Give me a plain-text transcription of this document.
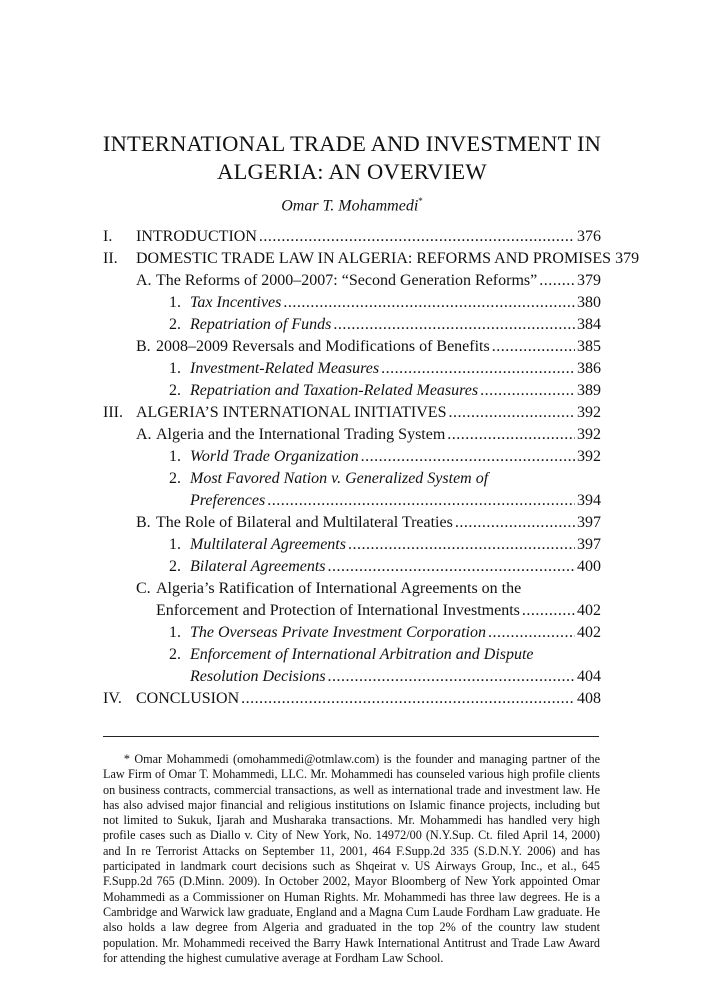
INTERNATIONAL TRADE AND INVESTMENT IN
ALGERIA: AN OVERVIEW
Omar T. Mohammedi*
I. INTRODUCTION .....	376
II. DOMESTIC TRADE LAW IN ALGERIA: REFORMS AND PROMISES 379
A. The Reforms of 2000–2007: “Second Generation Reforms” ..... 379
1. Tax Incentives .....	380
2. Repatriation of Funds .....	384
B. 2008–2009 Reversals and Modifications of Benefits .....	385
1. Investment-Related Measures .....	386
2. Repatriation and Taxation-Related Measures .....	389
III. ALGERIA’S INTERNATIONAL INITIATIVES .....	392
A. Algeria and the International Trading System .....	392
1. World Trade Organization .....	392
2. Most Favored Nation v. Generalized System of
Preferences .....	394
B. The Role of Bilateral and Multilateral Treaties .....	397
1. Multilateral Agreements .....	397
2. Bilateral Agreements .....	400
C. Algeria’s Ratification of International Agreements on the
Enforcement and Protection of International Investments .....	402
1. The Overseas Private Investment Corporation .....	402
2. Enforcement of International Arbitration and Dispute
Resolution Decisions .....	404
IV. CONCLUSION .....	408
* Omar Mohammedi (omohammedi@otmlaw.com) is the founder and managing partner of the Law Firm of Omar T. Mohammedi, LLC. Mr. Mohammedi has counseled various high profile clients on business contracts, commercial transactions, as well as international trade and investment law. He has also advised major financial and religious institutions on Islamic finance projects, including but not limited to Sukuk, Ijarah and Musharaka transactions. Mr. Mohammedi has handled very high profile cases such as Diallo v. City of New York, No. 14972/00 (N.Y.Sup. Ct. filed April 14, 2000) and In re Terrorist Attacks on September 11, 2001, 464 F.Supp.2d 335 (S.D.N.Y. 2006) and has participated in landmark court decisions such as Shqeirat v. US Airways Group, Inc., et al., 645 F.Supp.2d 765 (D.Minn. 2009). In October 2002, Mayor Bloomberg of New York appointed Omar Mohammedi as a Commissioner on Human Rights. Mr. Mohammedi has three law degrees. He is a Cambridge and Warwick law graduate, England and a Magna Cum Laude Fordham Law graduate. He also holds a law degree from Algeria and graduated in the top 2% of the country law student population. Mr. Mohammedi received the Barry Hawk International Antitrust and Trade Law Award for attending the highest cumulative average at Fordham Law School.
